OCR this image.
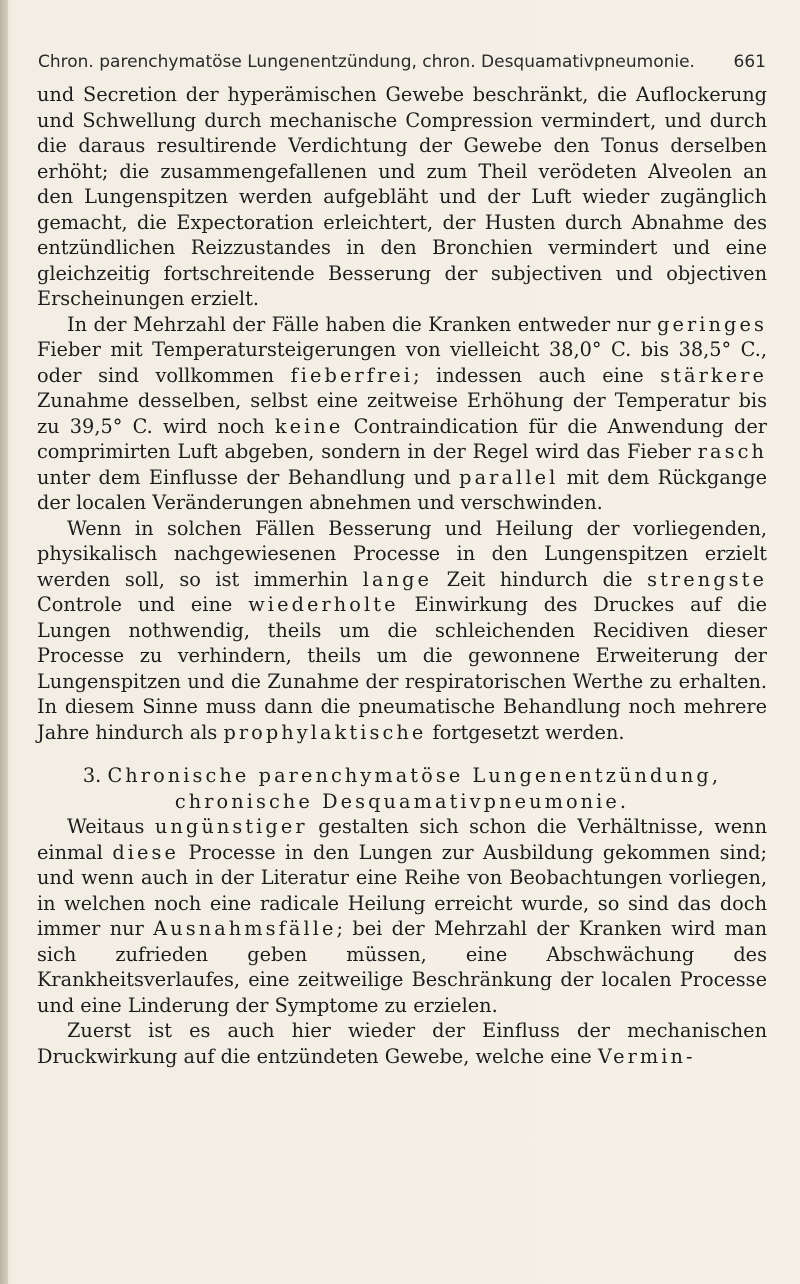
Chron. parenchymatöse Lungenentzündung, chron. Desquamativpneumonie. 661

und Secretion der hyperämischen Gewebe beschränkt, die Auflockerung und Schwellung durch mechanische Compression vermindert, und durch die daraus resultirende Verdichtung der Gewebe den Tonus derselben erhöht; die zusammengefallenen und zum Theil verödeten Alveolen an den Lungenspitzen werden aufgebläht und der Luft wieder zugänglich gemacht, die Expectoration erleichtert, der Husten durch Abnahme des entzündlichen Reizzustandes in den Bronchien vermindert und eine gleichzeitig fortschreitende Besserung der subjectiven und objectiven Erscheinungen erzielt.

In der Mehrzahl der Fälle haben die Kranken entweder nur geringes Fieber mit Temperatursteigerungen von vielleicht 38,0° C. bis 38,5° C., oder sind vollkommen fieberfrei; indessen auch eine stärkere Zunahme desselben, selbst eine zeitweise Erhöhung der Temperatur bis zu 39,5° C. wird noch keine Contraindication für die Anwendung der comprimirten Luft abgeben, sondern in der Regel wird das Fieber rasch unter dem Einflusse der Behandlung und parallel mit dem Rückgange der localen Veränderungen abnehmen und verschwinden.

Wenn in solchen Fällen Besserung und Heilung der vorliegenden, physikalisch nachgewiesenen Processe in den Lungenspitzen erzielt werden soll, so ist immerhin lange Zeit hindurch die strengste Controle und eine wiederholte Einwirkung des Druckes auf die Lungen nothwendig, theils um die schleichenden Recidiven dieser Processe zu verhindern, theils um die gewonnene Erweiterung der Lungenspitzen und die Zunahme der respiratorischen Werthe zu erhalten. In diesem Sinne muss dann die pneumatische Behandlung noch mehrere Jahre hindurch als prophylaktische fortgesetzt werden.

3. Chronische parenchymatöse Lungenentzündung,
chronische Desquamativpneumonie.

Weitaus ungünstiger gestalten sich schon die Verhältnisse, wenn einmal diese Processe in den Lungen zur Ausbildung gekommen sind; und wenn auch in der Literatur eine Reihe von Beobachtungen vorliegen, in welchen noch eine radicale Heilung erreicht wurde, so sind das doch immer nur Ausnahmsfälle; bei der Mehrzahl der Kranken wird man sich zufrieden geben müssen, eine Abschwächung des Krankheitsverlaufes, eine zeitweilige Beschränkung der localen Processe und eine Linderung der Symptome zu erzielen.

Zuerst ist es auch hier wieder der Einfluss der mechanischen Druckwirkung auf die entzündeten Gewebe, welche eine Vermin-
